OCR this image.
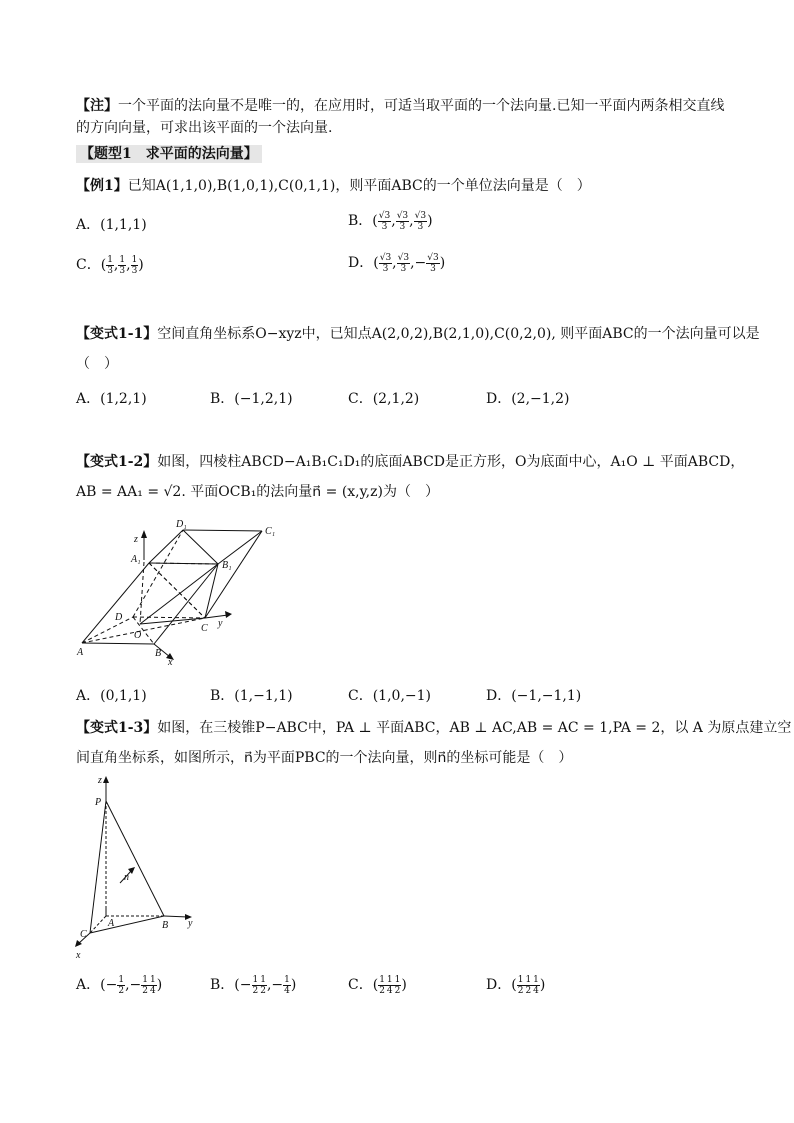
【注】一个平面的法向量不是唯一的，在应用时，可适当取平面的一个法向量.已知一平面内两条相交直线
的方向向量，可求出该平面的一个法向量.
【题型1　求平面的法向量】
【例1】已知A(1,1,0),B(1,0,1),C(0,1,1)，则平面ABC的一个单位法向量是（　）
A．(1,1,1)	B．( $\frac{√3}{3}$ , $\frac{√3}{3}$ , $\frac{√3}{3}$ )
C．( $\frac{1}{3}$ , $\frac{1}{3}$ , $\frac{1}{3}$ )	D．( $\frac{√3}{3}$ , $\frac{√3}{3}$ ,− $\frac{√3}{3}$ )
【变式1-1】空间直角坐标系O−xyz中，已知点A(2,0,2),B(2,1,0),C(0,2,0), 则平面ABC的一个法向量可以是
（　）
A．(1,2,1)	B．(−1,2,1)	C．(2,1,2)	D．(2,−1,2)
【变式1-2】如图，四棱柱ABCD−A₁B₁C₁D₁的底面ABCD是正方形，O为底面中心，A₁O ⊥ 平面ABCD，
AB = AA₁ = √2. 平面OCB₁的法向量n⃗ = (x,y,z)为（　）
D₁
C₁
A₁
B₁
z
D
C
O
A	B
x
y
A．(0,1,1)	B．(1,−1,1)	C．(1,0,−1)	D．(−1,−1,1)
【变式1-3】如图，在三棱锥P−ABC中，PA ⊥ 平面ABC，AB ⊥ AC,AB = AC = 1,PA = 2，以 A 为原点建立空
间直角坐标系，如图所示，n⃗为平面PBC的一个法向量，则n⃗的坐标可能是（　）
z
P
n⃗
A	B
C
x
y
A．(− $\frac{1}{2}$ ,− $\frac{1}{2} \frac{1}{4}$ )	B．(− $\frac{1}{2} \frac{1}{2}$ ,− $\frac{1}{4}$ )	C．( $\frac{1}{2} \frac{1}{4} \frac{1}{2}$ )	D．( $\frac{1}{2} \frac{1}{2} \frac{1}{4}$ )
